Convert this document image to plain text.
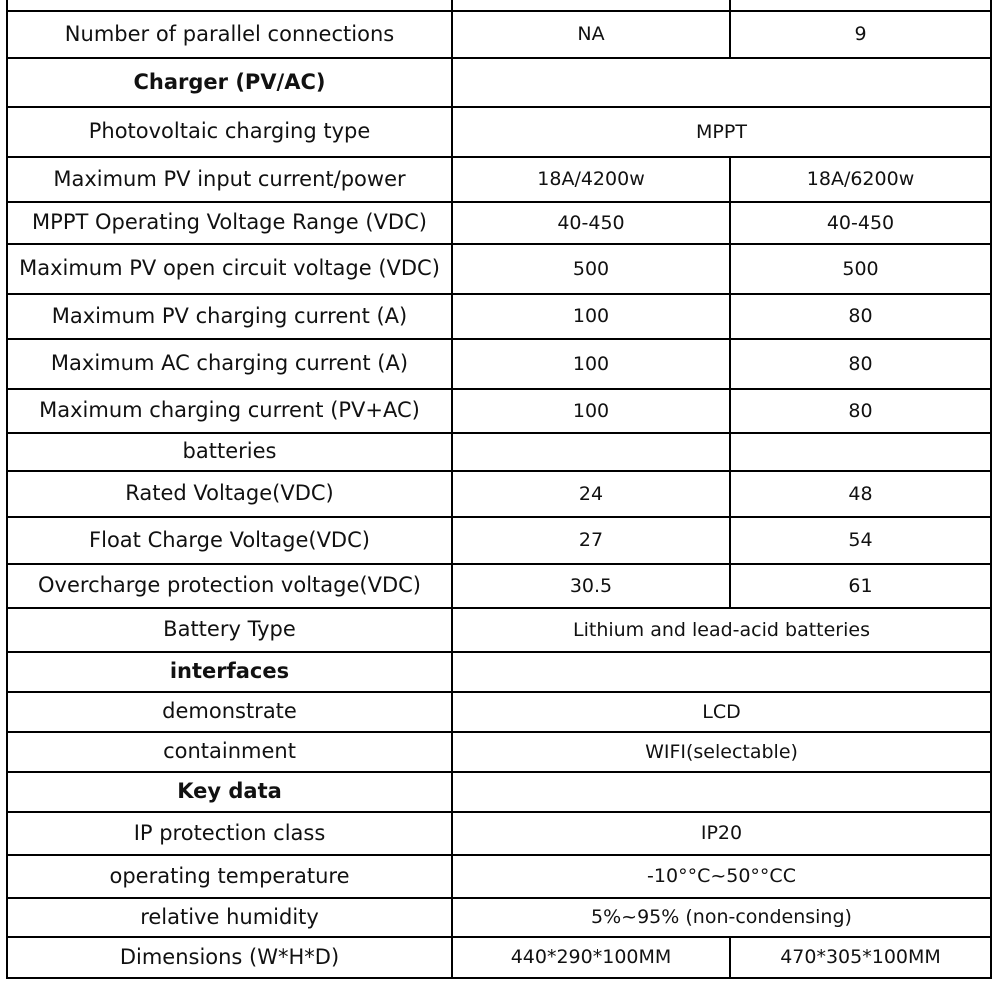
Number of parallel connections	NA	9
Charger (PV/AC)		
Photovoltaic charging type	MPPT	
Maximum PV input current/power	18A/4200w	18A/6200w
MPPT Operating Voltage Range (VDC)	40-450	40-450
Maximum PV open circuit voltage (VDC)	500	500
Maximum PV charging current (A)	100	80
Maximum AC charging current (A)	100	80
Maximum charging current (PV+AC)	100	80
batteries		
Rated Voltage(VDC)	24	48
Float Charge Voltage(VDC)	27	54
Overcharge protection voltage(VDC)	30.5	61
Battery Type	Lithium and lead-acid batteries	
interfaces		
demonstrate	LCD	
containment	WIFI(selectable)	
Key data		
IP protection class	IP20	
operating temperature	-10°°C~50°°CC	
relative humidity	5%~95% (non-condensing)	
Dimensions (W*H*D)	440*290*100MM	470*305*100MM
